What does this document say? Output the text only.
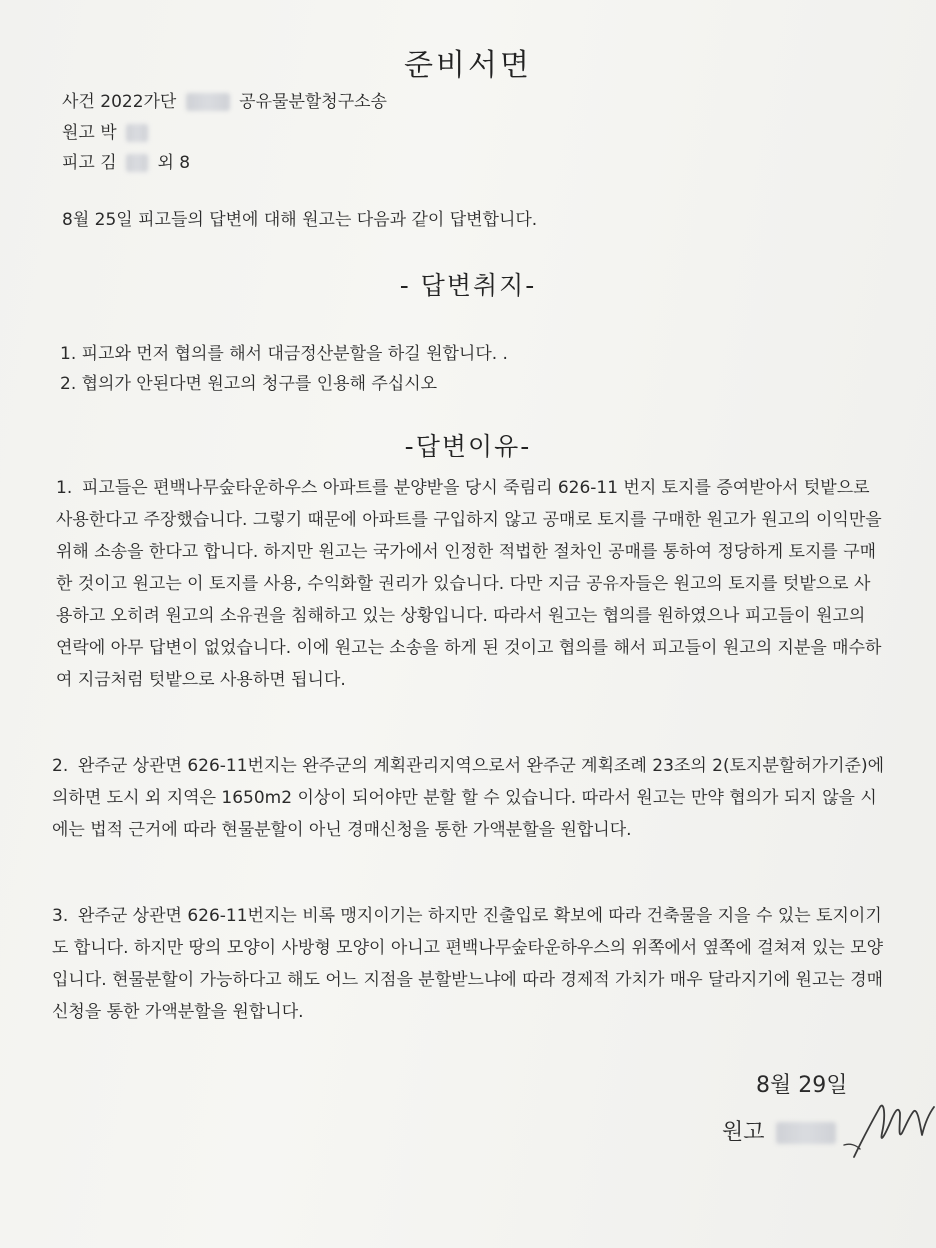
준비서면
사건 2022가단	공유물분할청구소송
원고 박
피고 김 외 8
8월 25일 피고들의 답변에 대해 원고는 다음과 같이 답변합니다.
- 답변취지-
1. 피고와 먼저 협의를 해서 대금정산분할을 하길 원합니다. .
2. 협의가 안된다면 원고의 청구를 인용해 주십시오
-답변이유-
1. 피고들은 편백나무숲타운하우스 아파트를 분양받을 당시 죽림리 626-11 번지 토지를 증여받아서 텃밭으로 사용한다고 주장했습니다. 그렇기 때문에 아파트를 구입하지 않고 공매로 토지를 구매한 원고가 원고의 이익만을 위해 소송을 한다고 합니다. 하지만 원고는 국가에서 인정한 적법한 절차인 공매를 통하여 정당하게 토지를 구매한 것이고 원고는 이 토지를 사용, 수익화할 권리가 있습니다. 다만 지금 공유자들은 원고의 토지를 텃밭으로 사용하고 오히려 원고의 소유권을 침해하고 있는 상황입니다. 따라서 원고는 협의를 원하였으나 피고들이 원고의 연락에 아무 답변이 없었습니다. 이에 원고는 소송을 하게 된 것이고 협의를 해서 피고들이 원고의 지분을 매수하여 지금처럼 텃밭으로 사용하면 됩니다.
2. 완주군 상관면 626-11번지는 완주군의 계획관리지역으로서 완주군 계획조례 23조의 2(토지분할허가기준)에 의하면 도시 외 지역은 1650m2 이상이 되어야만 분할 할 수 있습니다. 따라서 원고는 만약 협의가 되지 않을 시에는 법적 근거에 따라 현물분할이 아닌 경매신청을 통한 가액분할을 원합니다.
3. 완주군 상관면 626-11번지는 비록 맹지이기는 하지만 진출입로 확보에 따라 건축물을 지을 수 있는 토지이기도 합니다. 하지만 땅의 모양이 사방형 모양이 아니고 편백나무숲타운하우스의 위쪽에서 옆쪽에 걸쳐져 있는 모양입니다. 현물분할이 가능하다고 해도 어느 지점을 분할받느냐에 따라 경제적 가치가 매우 달라지기에 원고는 경매신청을 통한 가액분할을 원합니다.
8월 29일
원고
